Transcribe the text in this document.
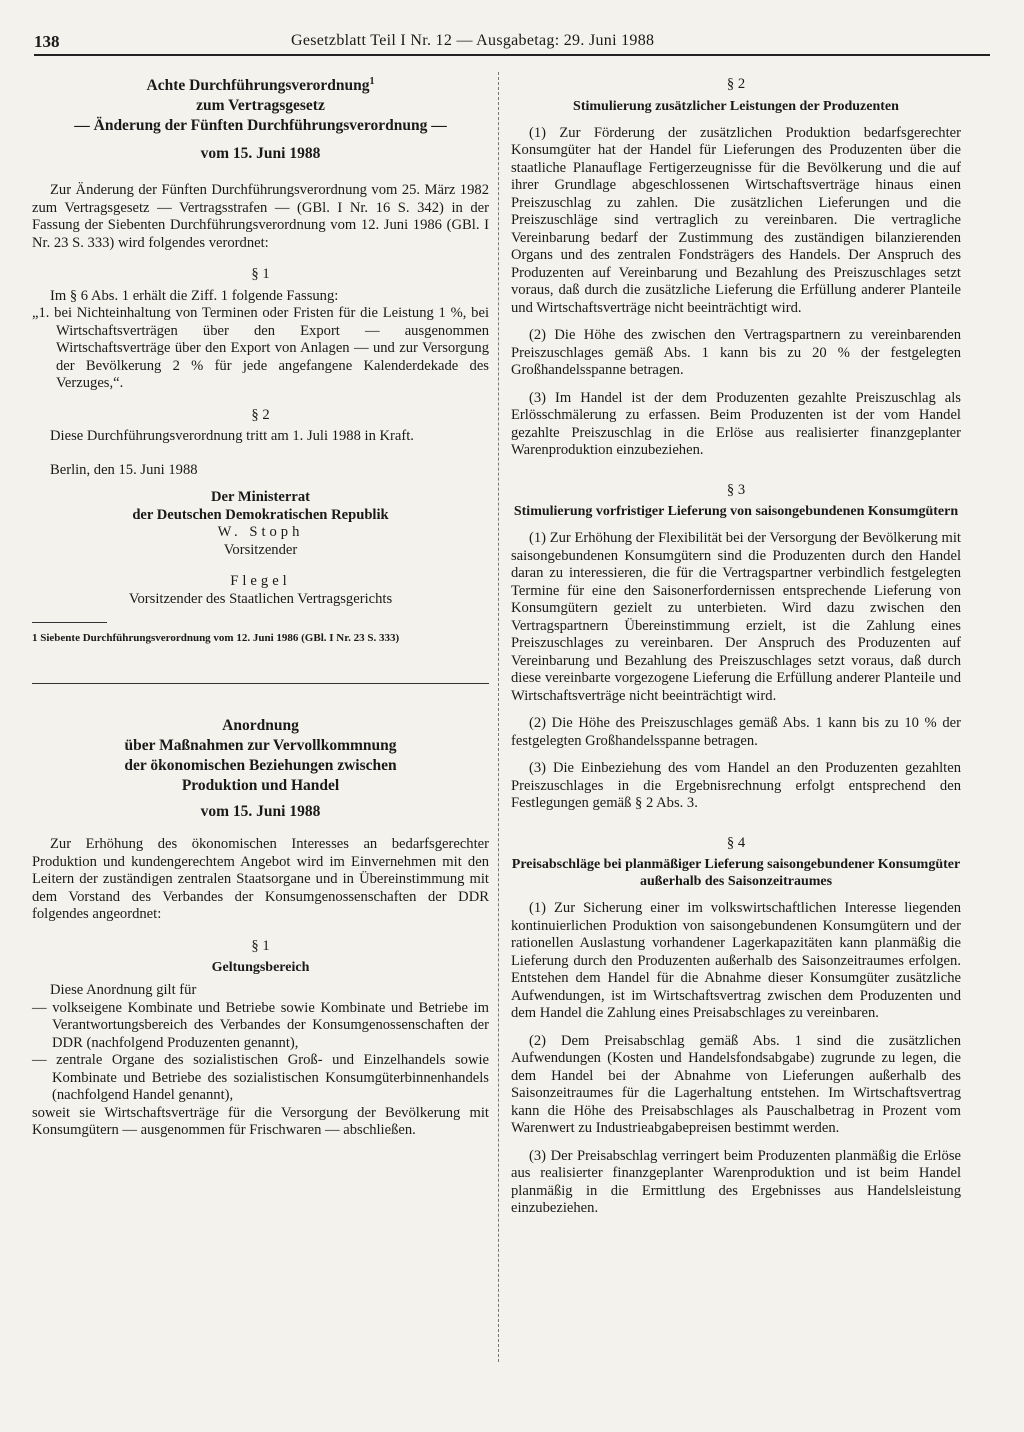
138	Gesetzblatt Teil I Nr. 12 — Ausgabetag: 29. Juni 1988
Achte Durchführungsverordnung$^1$
zum Vertragsgesetz
— Änderung der Fünften Durchführungsverordnung —
vom 15. Juni 1988

Zur Änderung der Fünften Durchführungsverordnung vom 25. März 1982 zum Vertragsgesetz — Vertragsstrafen — (GBl. I Nr. 16 S. 342) in der Fassung der Siebenten Durchführungsverordnung vom 12. Juni 1986 (GBl. I Nr. 23 S. 333) wird folgendes verordnet:

§ 1

Im § 6 Abs. 1 erhält die Ziff. 1 folgende Fassung:

„1. bei Nichteinhaltung von Terminen oder Fristen für die Leistung 1 %, bei Wirtschaftsverträgen über den Export — ausgenommen Wirtschaftsverträge über den Export von Anlagen — und zur Versorgung der Bevölkerung 2 % für jede angefangene Kalenderdekade des Verzuges,“.

§ 2

Diese Durchführungsverordnung tritt am 1. Juli 1988 in Kraft.

Berlin, den 15. Juni 1988

Der Ministerrat
der Deutschen Demokratischen Republik
W. Stoph
Vorsitzender
Flegel
Vorsitzender des Staatlichen Vertragsgerichts

1 Siebente Durchführungsverordnung vom 12. Juni 1986 (GBl. I Nr. 23 S. 333)

Anordnung
über Maßnahmen zur Vervollkommnung
der ökonomischen Beziehungen zwischen
Produktion und Handel
vom 15. Juni 1988

Zur Erhöhung des ökonomischen Interesses an bedarfsgerechter Produktion und kundengerechtem Angebot wird im Einvernehmen mit den Leitern der zuständigen zentralen Staatsorgane und in Übereinstimmung mit dem Vorstand des Verbandes der Konsumgenossenschaften der DDR folgendes angeordnet:

§ 1
Geltungsbereich

Diese Anordnung gilt für

— volkseigene Kombinate und Betriebe sowie Kombinate und Betriebe im Verantwortungsbereich des Verbandes der Konsumgenossenschaften der DDR (nachfolgend Produzenten genannt),

— zentrale Organe des sozialistischen Groß- und Einzelhandels sowie Kombinate und Betriebe des sozialistischen Konsumgüterbinnenhandels (nachfolgend Handel genannt),

soweit sie Wirtschaftsverträge für die Versorgung der Bevölkerung mit Konsumgütern — ausgenommen für Frischwaren — abschließen.

§ 2
Stimulierung zusätzlicher Leistungen der Produzenten

(1) Zur Förderung der zusätzlichen Produktion bedarfsgerechter Konsumgüter hat der Handel für Lieferungen des Produzenten über die staatliche Planauflage Fertigerzeugnisse für die Bevölkerung und die auf ihrer Grundlage abgeschlossenen Wirtschaftsverträge hinaus einen Preiszuschlag zu zahlen. Die zusätzlichen Lieferungen und die Preiszuschläge sind vertraglich zu vereinbaren. Die vertragliche Vereinbarung bedarf der Zustimmung des zuständigen bilanzierenden Organs und des zentralen Fondsträgers des Handels. Der Anspruch des Produzenten auf Vereinbarung und Bezahlung des Preiszuschlages setzt voraus, daß durch die zusätzliche Lieferung die Erfüllung anderer Planteile und Wirtschaftsverträge nicht beeinträchtigt wird.

(2) Die Höhe des zwischen den Vertragspartnern zu vereinbarenden Preiszuschlages gemäß Abs. 1 kann bis zu 20 % der festgelegten Großhandelsspanne betragen.

(3) Im Handel ist der dem Produzenten gezahlte Preiszuschlag als Erlösschmälerung zu erfassen. Beim Produzenten ist der vom Handel gezahlte Preiszuschlag in die Erlöse aus realisierter finanzgeplanter Warenproduktion einzubeziehen.

§ 3
Stimulierung vorfristiger Lieferung von saisongebundenen Konsumgütern

(1) Zur Erhöhung der Flexibilität bei der Versorgung der Bevölkerung mit saisongebundenen Konsumgütern sind die Produzenten durch den Handel daran zu interessieren, die für die Vertragspartner verbindlich festgelegten Termine für eine den Saisonerfordernissen entsprechende Lieferung von Konsumgütern gezielt zu unterbieten. Wird dazu zwischen den Vertragspartnern Übereinstimmung erzielt, ist die Zahlung eines Preiszuschlages zu vereinbaren. Der Anspruch des Produzenten auf Vereinbarung und Bezahlung des Preiszuschlages setzt voraus, daß durch diese vereinbarte vorgezogene Lieferung die Erfüllung anderer Planteile und Wirtschaftsverträge nicht beeinträchtigt wird.

(2) Die Höhe des Preiszuschlages gemäß Abs. 1 kann bis zu 10 % der festgelegten Großhandelsspanne betragen.

(3) Die Einbeziehung des vom Handel an den Produzenten gezahlten Preiszuschlages in die Ergebnisrechnung erfolgt entsprechend den Festlegungen gemäß § 2 Abs. 3.

§ 4
Preisabschläge bei planmäßiger Lieferung saisongebundener Konsumgüter außerhalb des Saisonzeitraumes

(1) Zur Sicherung einer im volkswirtschaftlichen Interesse liegenden kontinuierlichen Produktion von saisongebundenen Konsumgütern und der rationellen Auslastung vorhandener Lagerkapazitäten kann planmäßig die Lieferung durch den Produzenten außerhalb des Saisonzeitraumes erfolgen. Entstehen dem Handel für die Abnahme dieser Konsumgüter zusätzliche Aufwendungen, ist im Wirtschaftsvertrag zwischen dem Produzenten und dem Handel die Zahlung eines Preisabschlages zu vereinbaren.

(2) Dem Preisabschlag gemäß Abs. 1 sind die zusätzlichen Aufwendungen (Kosten und Handelsfondsabgabe) zugrunde zu legen, die dem Handel bei der Abnahme von Lieferungen außerhalb des Saisonzeitraumes für die Lagerhaltung entstehen. Im Wirtschaftsvertrag kann die Höhe des Preisabschlages als Pauschalbetrag in Prozent vom Warenwert zu Industrieabgabepreisen bestimmt werden.

(3) Der Preisabschlag verringert beim Produzenten planmäßig die Erlöse aus realisierter finanzgeplanter Warenproduktion und ist beim Handel planmäßig in die Ermittlung des Ergebnisses aus Handelsleistung einzubeziehen.
